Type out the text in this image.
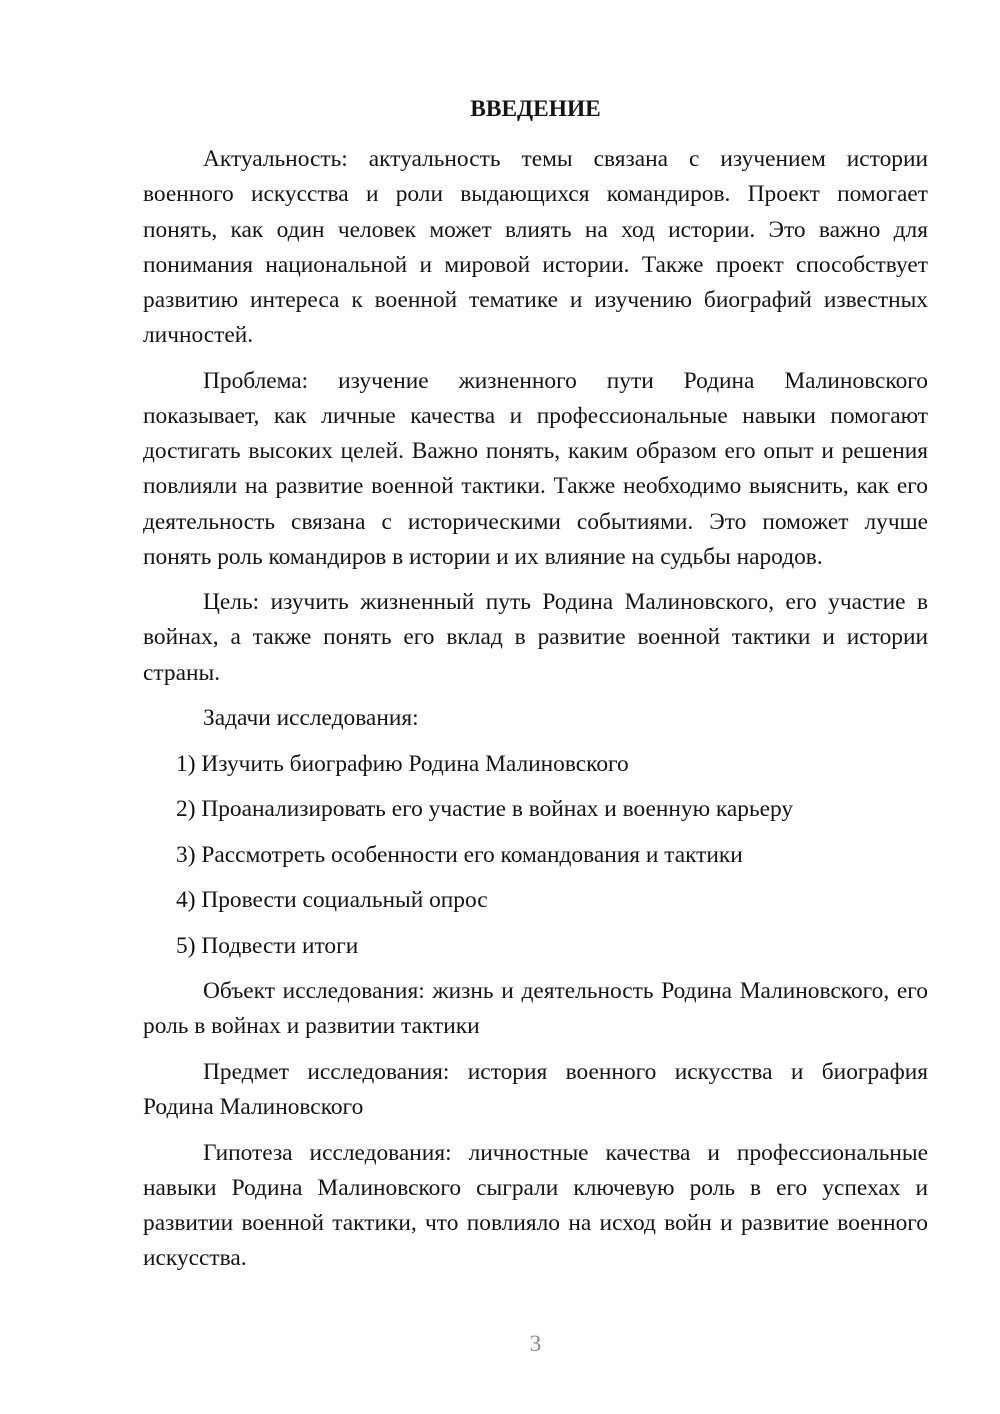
ВВЕДЕНИЕ

Актуальность: актуальность темы связана с изучением истории военного искусства и роли выдающихся командиров. Проект помогает понять, как один человек может влиять на ход истории. Это важно для понимания национальной и мировой истории. Также проект способствует развитию интереса к военной тематике и изучению биографий известных личностей.

Проблема: изучение жизненного пути Родина Малиновского показывает, как личные качества и профессиональные навыки помогают достигать высоких целей. Важно понять, каким образом его опыт и решения повлияли на развитие военной тактики. Также необходимо выяснить, как его деятельность связана с историческими событиями. Это поможет лучше понять роль командиров в истории и их влияние на судьбы народов.

Цель: изучить жизненный путь Родина Малиновского, его участие в войнах, а также понять его вклад в развитие военной тактики и истории страны.

Задачи исследования:

1) Изучить биографию Родина Малиновского

2) Проанализировать его участие в войнах и военную карьеру

3) Рассмотреть особенности его командования и тактики

4) Провести социальный опрос

5) Подвести итоги

Объект исследования: жизнь и деятельность Родина Малиновского, его роль в войнах и развитии тактики

Предмет исследования: история военного искусства и биография Родина Малиновского

Гипотеза исследования: личностные качества и профессиональные навыки Родина Малиновского сыграли ключевую роль в его успехах и развитии военной тактики, что повлияло на исход войн и развитие военного искусства.

3
